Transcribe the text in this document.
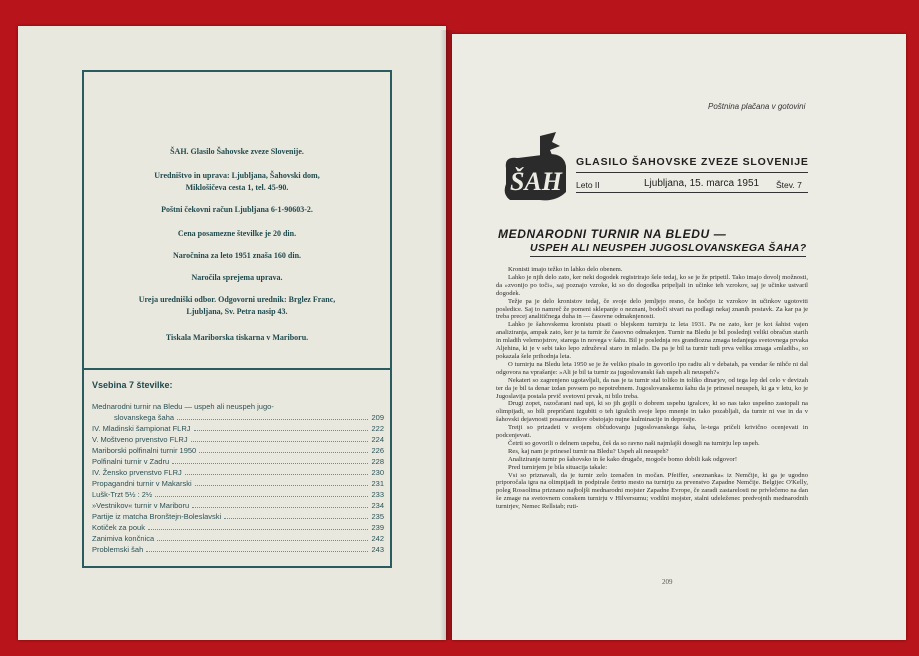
ŠAH. Glasilo Šahovske zveze Slovenije.
Uredništvo in uprava: Ljubljana, Šahovski dom,
Miklošičeva cesta 1, tel. 45-90.
Poštni čekovni račun Ljubljana 6-1-90603-2.
Cena posamezne številke je 20 din.
Naročnina za leto 1951 znaša 160 din.
Naročila sprejema uprava.
Ureja uredniški odbor. Odgovorni urednik: Brglez Franc,
Ljubljana, Sv. Petra nasip 43.
Tiskala Mariborska tiskarna v Mariboru.
Vsebina 7 številke:
Mednarodni turnir na Bledu — uspeh ali neuspeh jugo-
slovanskega šaha	209
IV. Mladinski šampionat FLRJ	222
V. Moštveno prvenstvo FLRJ	224
Mariborski polfinalni turnir 1950	226
Polfinalni turnir v Zadru	228
IV. Žensko prvenstvo FLRJ	230
Propagandni turnir v Makarski	231
Lušk-Trzt 5½ : 2½	233
»Vestnikov« turnir v Mariboru	234
Partije iz matcha Bronštejn-Boleslavski	235
Kotiček za pouk	239
Zanimiva končnica	242
Problemski šah	243
Poštnina plačana v gotovini
ŠAH
GLASILO ŠAHOVSKE ZVEZE SLOVENIJE
Leto II	Ljubljana, 15. marca 1951 Štev. 7
MEDNARODNI TURNIR NA BLEDU —
USPEH ALI NEUSPEH JUGOSLOVANSKEGA ŠAHA?

Kronisti imajo težko in lahko delo obenem.

Lahko je njih delo zato, ker neki dogodek registrirajo šele tedaj, ko se je že pripetil. Tako imajo dovolj možnosti, da »zvonijo po toči«, saj poznajo vzroke, ki so do dogodka pripeljali in učinke teh vzrokov, saj je učinke ustvaril dogodek.

Težje pa je delo kronistov tedaj, če svoje delo jemljejo resno, če hočejo iz vzrokov in učinkov ugotoviti posledice. Saj to namreč že pomeni sklepanje o neznani, bodoči stvari na podlagi nekaj znanih postavk. Za kar pa je treba precej analitičnega duha in — časovne odmaknjenosti.

Lahko je šahovskemu kronistu pisati o blejskem turnirju iz leta 1931. Pa ne zato, ker je kot šahist vajen analiziranja, ampak zato, ker je ta turnir že časovno odmaknjen. Turnir na Bledu je bil poslednji veliki obračun starih in mladih velemojstrov, starega in novega v šahu. Bil je poslednja res grandiozna zmaga tedanjega svetovnega prvaka Aljehina, ki je v sebi tako lepo združeval staro in mlado. Da pa je bil ta turnir tudi prva velika zmaga »mladih«, so pokazala šele prihodnja leta.

O turnirju na Bledu leta 1950 se je že veliko pisalo in govorilo ipo radiu ali v debatah, pa vendar še nihče ni dal odgovora na vprašanje: »Ali je bil ta turnir za jugoslovanski šah uspeh ali neuspeh?«

Nekateri so zagrenjeno ugotavljali, da nas je ta turnir stal toliko in toliko dinarjev, od tega lep del celo v devizah ter da je bil ta denar izdan povsem po nepotrebnem. Jugoslovanskemu šahu da je prinesel neuspeh, ki ga v letu, ko je Jugoslavija postala prvič svetovni prvak, ni bilo treba.

Drugi zopet, razočarani nad upi, ki so jih gojili o dobrem uspehu igralcev, ki so nas tako uspešno zastopali na olimpijadi, so bili prepričani izgubiti o teh igralcih svoje lepo mnenje in tako pozabljali, da turnir ni vse in da v šahovski dejavnosti posameznikov obstojajo nujne kulminacije in depresije.

Tretji so prizadeti v svojem občudovanju jugoslovanskega šaha, le-tega pričeli krivično ocenjevati in podcenjevati.

Četrti so govorili o delnem uspehu, češ da so ravno naši najmlajši dosegli na turnirju lep uspeh.

Res, kaj nam je prinesel turnir na Bledu? Uspeh ali neuspeh?

Analiziranje turnir po šahovsko in še kako drugače, mogoče bomo dobili kak odgovor!

Pred turnirjem je bila situacija takale:

Vsi so priznavali, da je turnir zelo izenačen in močan. Pfeiffer, »neznanka« iz Nemčije, ki ga je ugodno priporočala igra na olimpijadi in podpirale četrto mesto na turnirju za prvenstvo Zapadne Nemčije. Belgijec O'Kelly, poleg Rossolima priznano najboljši mednarodni mojster Zapadne Evrope, če zaradi zastarelosti ne privlečemo na dan še zmage na svetovnem conskem turnirju v Hilversumu; vodilni mojster, stalni udeleženec predvojnih mednarodnih turnirjev, Nemec Rellstab; ruti-

209
